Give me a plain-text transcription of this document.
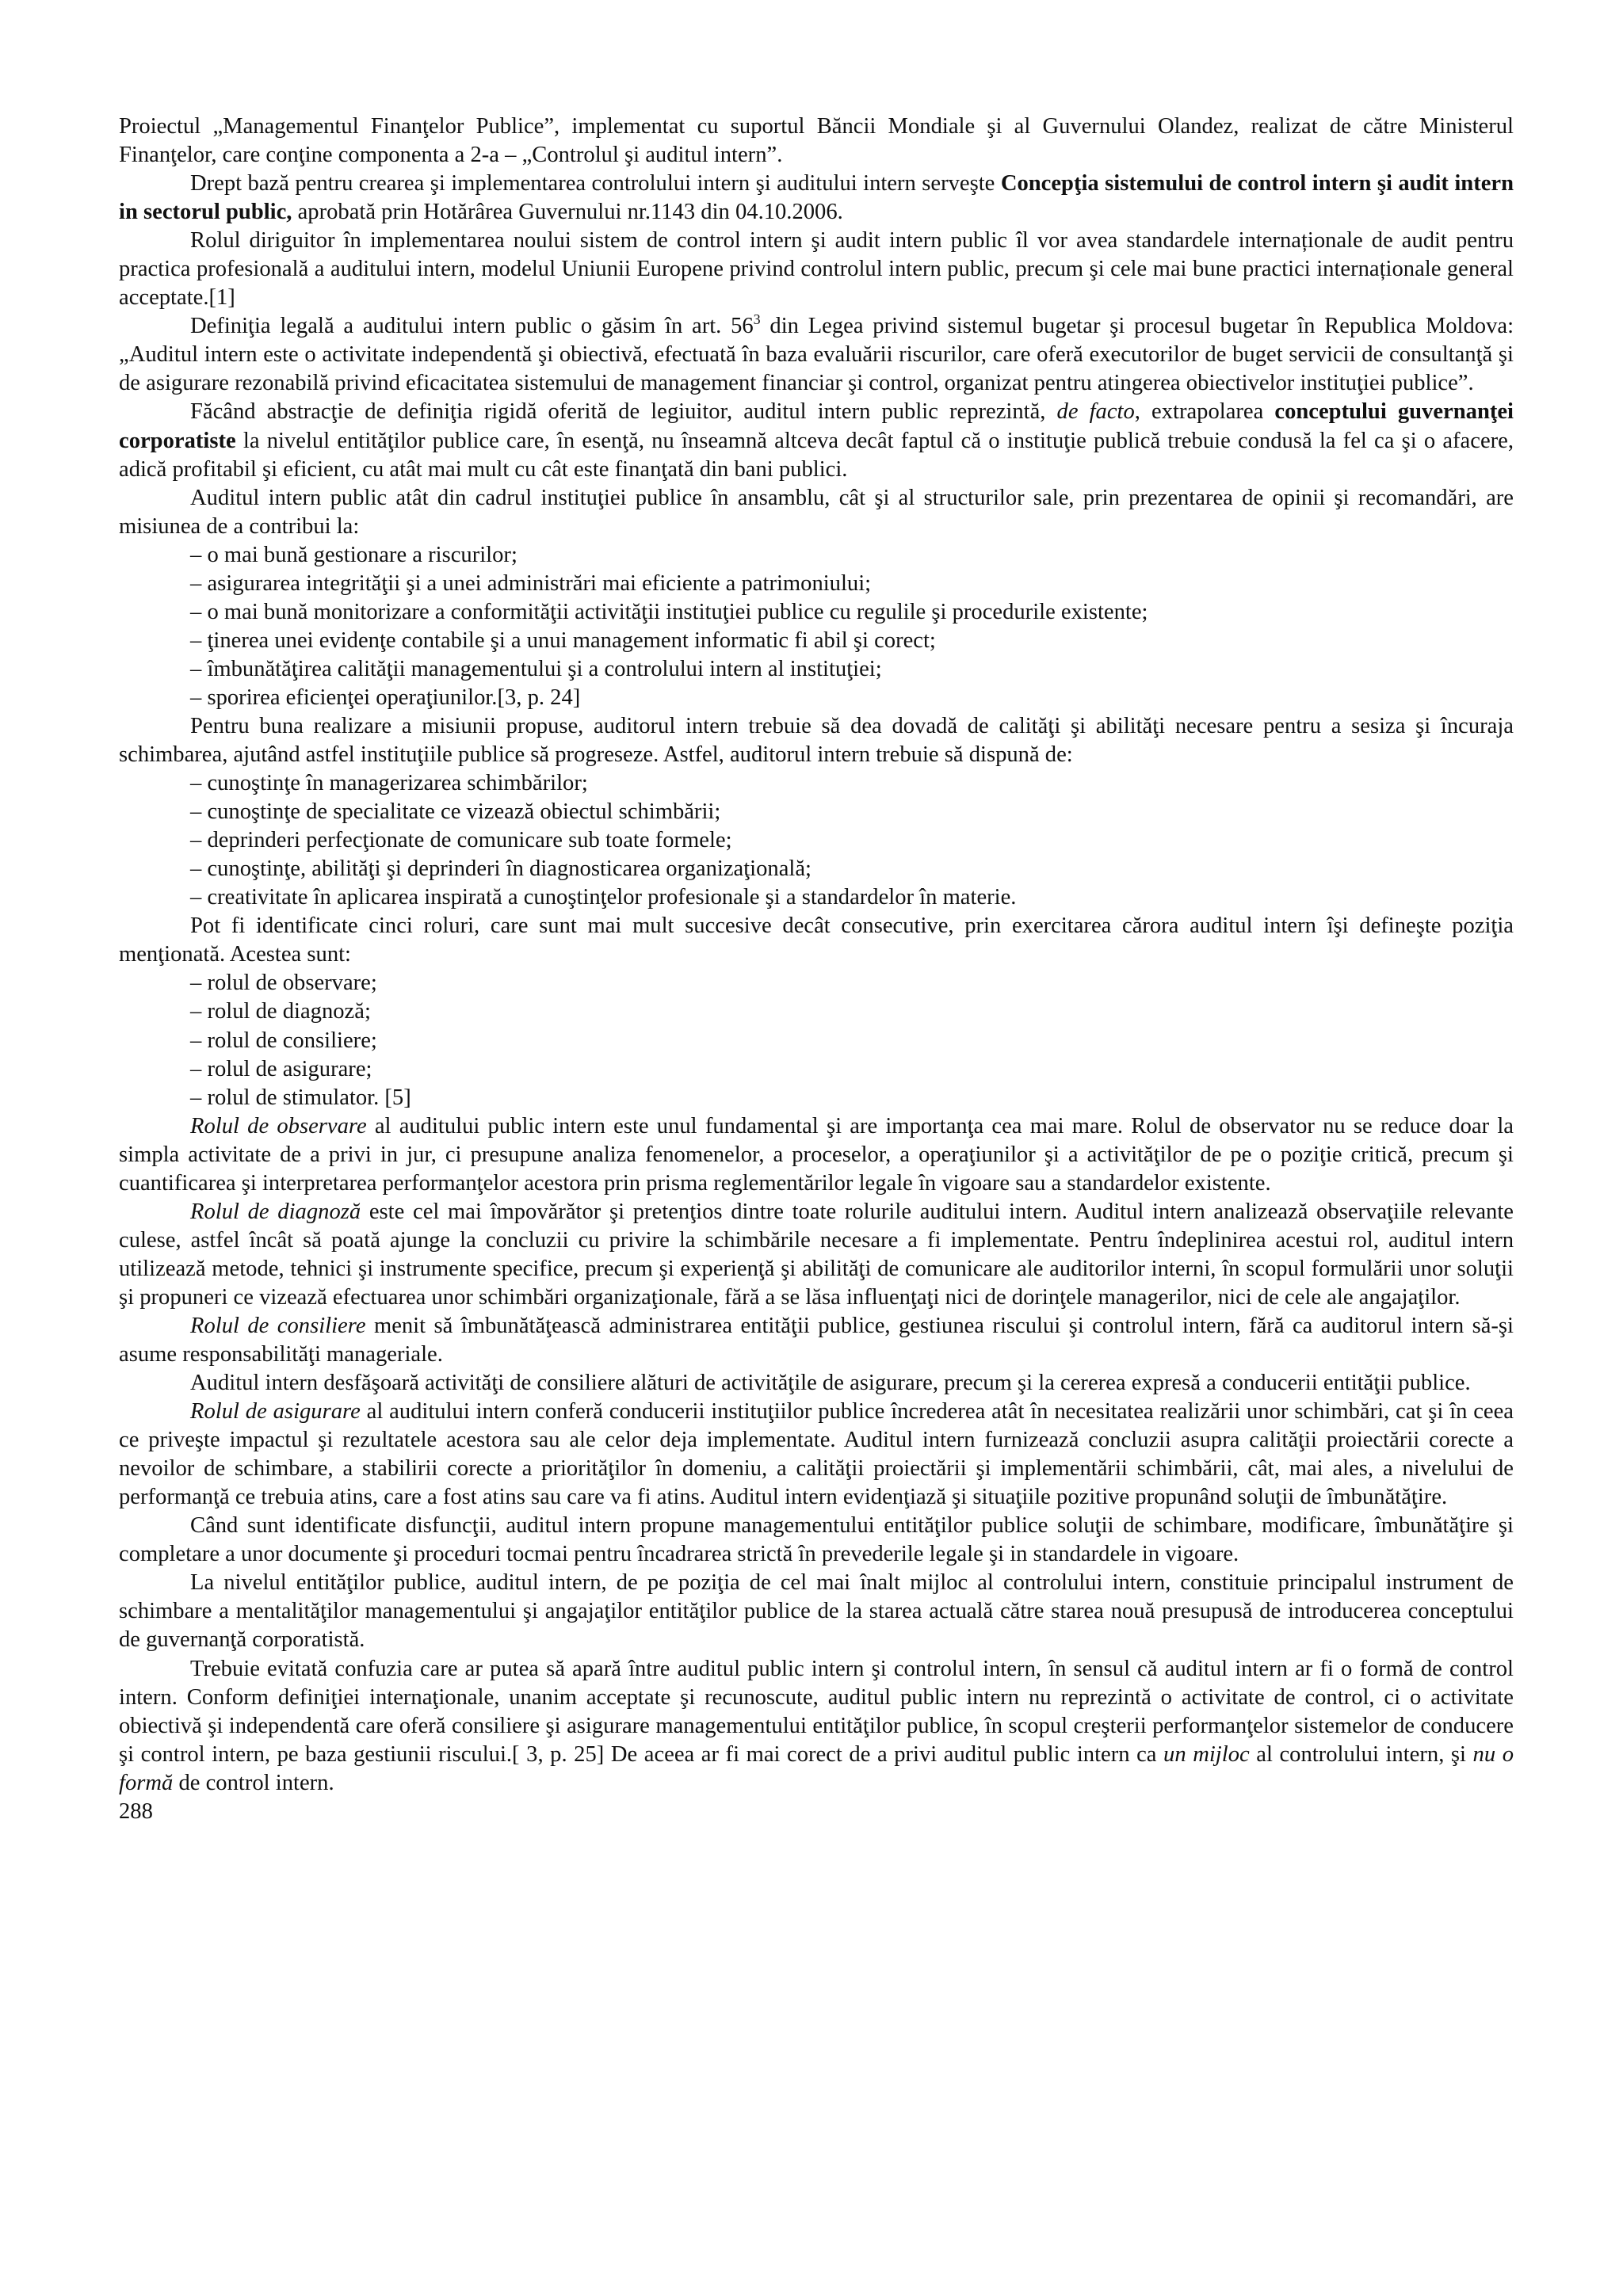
Proiectul „Managementul Finanţelor Publice”, implementat cu suportul Băncii Mondiale şi al Guvernului Olandez, realizat de către Ministerul Finanţelor, care conţine componenta a 2-a – „Controlul şi auditul intern”.

Drept bază pentru crearea şi implementarea controlului intern şi auditului intern serveşte Concepţia sistemului de control intern şi audit intern in sectorul public, aprobată prin Hotărârea Guvernului nr.1143 din 04.10.2006.

Rolul diriguitor în implementarea noului sistem de control intern şi audit intern public îl vor avea standardele internaționale de audit pentru practica profesională a auditului intern, modelul Uniunii Europene privind controlul intern public, precum şi cele mai bune practici internaționale general acceptate.[1]

Definiţia legală a auditului intern public o găsim în art. $56^3$ din Legea privind sistemul bugetar şi procesul bugetar în Republica Moldova: „Auditul intern este o activitate independentă şi obiectivă, efectuată în baza evaluării riscurilor, care oferă executorilor de buget servicii de consultanţă şi de asigurare rezonabilă privind eficacitatea sistemului de management financiar şi control, organizat pentru atingerea obiectivelor instituţiei publice”.

Făcând abstracţie de definiţia rigidă oferită de legiuitor, auditul intern public reprezintă, de facto, extrapolarea conceptului guvernanţei corporatiste la nivelul entităţilor publice care, în esenţă, nu înseamnă altceva decât faptul că o instituţie publică trebuie condusă la fel ca şi o afacere, adică profitabil şi eficient, cu atât mai mult cu cât este finanţată din bani publici.

Auditul intern public atât din cadrul instituţiei publice în ansamblu, cât şi al structurilor sale, prin prezentarea de opinii şi recomandări, are misiunea de a contribui la:

– o mai bună gestionare a riscurilor;

– asigurarea integrităţii şi a unei administrări mai eficiente a patrimoniului;

– o mai bună monitorizare a conformităţii activităţii instituţiei publice cu regulile şi procedurile existente;

– ţinerea unei evidenţe contabile şi a unui management informatic fi abil şi corect;

– îmbunătăţirea calităţii managementului şi a controlului intern al instituţiei;

– sporirea eficienţei operaţiunilor.[3, p. 24]

Pentru buna realizare a misiunii propuse, auditorul intern trebuie să dea dovadă de calităţi şi abilităţi necesare pentru a sesiza şi încuraja schimbarea, ajutând astfel instituţiile publice să progreseze. Astfel, auditorul intern trebuie să dispună de:

– cunoştinţe în managerizarea schimbărilor;

– cunoştinţe de specialitate ce vizează obiectul schimbării;

– deprinderi perfecţionate de comunicare sub toate formele;

– cunoştinţe, abilităţi şi deprinderi în diagnosticarea organizaţională;

– creativitate în aplicarea inspirată a cunoştinţelor profesionale şi a standardelor în materie.

Pot fi identificate cinci roluri, care sunt mai mult succesive decât consecutive, prin exercitarea cărora auditul intern îşi defineşte poziţia menţionată. Acestea sunt:

– rolul de observare;

– rolul de diagnoză;

– rolul de consiliere;

– rolul de asigurare;

– rolul de stimulator. [5]

Rolul de observare al auditului public intern este unul fundamental şi are importanţa cea mai mare. Rolul de observator nu se reduce doar la simpla activitate de a privi in jur, ci presupune analiza fenomenelor, a proceselor, a operaţiunilor şi a activităţilor de pe o poziţie critică, precum şi cuantificarea şi interpretarea performanţelor acestora prin prisma reglementărilor legale în vigoare sau a standardelor existente.

Rolul de diagnoză este cel mai împovărător şi pretenţios dintre toate rolurile auditului intern. Auditul intern analizează observaţiile relevante culese, astfel încât să poată ajunge la concluzii cu privire la schimbările necesare a fi implementate. Pentru îndeplinirea acestui rol, auditul intern utilizează metode, tehnici şi instrumente specifice, precum şi experienţă şi abilităţi de comunicare ale auditorilor interni, în scopul formulării unor soluţii şi propuneri ce vizează efectuarea unor schimbări organizaţionale, fără a se lăsa influenţaţi nici de dorinţele managerilor, nici de cele ale angajaţilor.

Rolul de consiliere menit să îmbunătăţească administrarea entităţii publice, gestiunea riscului şi controlul intern, fără ca auditorul intern să-şi asume responsabilităţi manageriale.

Auditul intern desfăşoară activităţi de consiliere alături de activităţile de asigurare, precum şi la cererea expresă a conducerii entităţii publice.

Rolul de asigurare al auditului intern conferă conducerii instituţiilor publice încrederea atât în necesitatea realizării unor schimbări, cat şi în ceea ce priveşte impactul şi rezultatele acestora sau ale celor deja implementate. Auditul intern furnizează concluzii asupra calităţii proiectării corecte a nevoilor de schimbare, a stabilirii corecte a priorităţilor în domeniu, a calităţii proiectării şi implementării schimbării, cât, mai ales, a nivelului de performanţă ce trebuia atins, care a fost atins sau care va fi atins. Auditul intern evidenţiază şi situaţiile pozitive propunând soluţii de îmbunătăţire.

Când sunt identificate disfuncţii, auditul intern propune managementului entităţilor publice soluţii de schimbare, modificare, îmbunătăţire şi completare a unor documente şi proceduri tocmai pentru încadrarea strictă în prevederile legale şi in standardele in vigoare.

La nivelul entităţilor publice, auditul intern, de pe poziţia de cel mai înalt mijloc al controlului intern, constituie principalul instrument de schimbare a mentalităţilor managementului şi angajaţilor entităţilor publice de la starea actuală către starea nouă presupusă de introducerea conceptului de guvernanţă corporatistă.

Trebuie evitată confuzia care ar putea să apară între auditul public intern şi controlul intern, în sensul că auditul intern ar fi o formă de control intern. Conform definiţiei internaţionale, unanim acceptate şi recunoscute, auditul public intern nu reprezintă o activitate de control, ci o activitate obiectivă şi independentă care oferă consiliere şi asigurare managementului entităţilor publice, în scopul creşterii performanţelor sistemelor de conducere şi control intern, pe baza gestiunii riscului.[ 3, p. 25] De aceea ar fi mai corect de a privi auditul public intern ca un mijloc al controlului intern, şi nu o formă de control intern.

288
